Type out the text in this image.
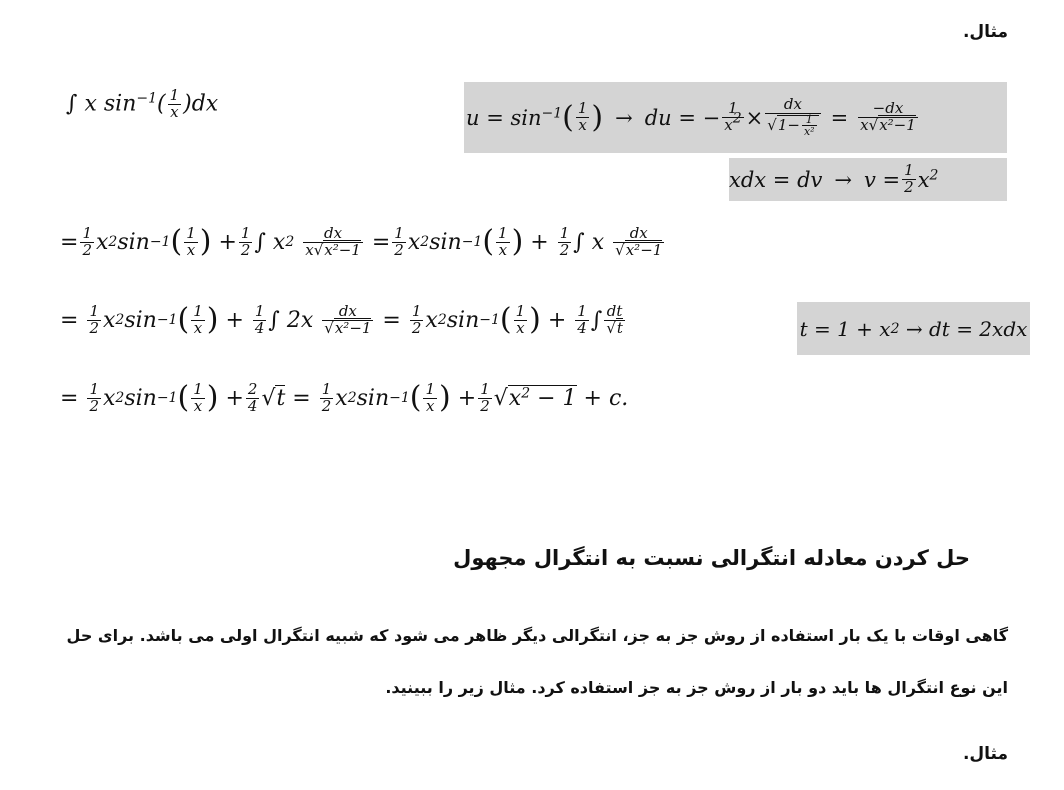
مثال.
∫ x $\sin^{-1}( \frac{1}{x} )dx$
$u = \sin^{-1}$ ( $\frac{1}{x}$ ) → du = − $\frac{1}{x^2} \times \frac{dx}{√1- \frac{1}{\text{x²}}} = \frac{-dx}{\text{x√x²−1}}$
xdx = dv → $v = \frac{1}{2} x^2$
= $\frac{1}{2}$ x 2 sin −1 ( $\frac{1}{x}$ ) + $\frac{1}{2}$ ∫ x 2
$\frac{dx}{\text{x√x²−1}} = \frac{1}{2}$ x 2 sin −1 ( $\frac{1}{x}$ ) + $\frac{1}{2}$ ∫ x $\frac{dx}{\text{√x²−1}}$
= $\frac{1}{2}$ x 2 sin −1 ( $\frac{1}{x}$ ) + $\frac{1}{4}$ ∫ $2x \frac{dx}{\text{√x²−1}} = \frac{1}{2}$ x 2 sin −1 ( $\frac{1}{x}$ ) + $\frac{1}{4}$ ∫ $\frac{dt}{√t}$	t = 1 + x 2
→ dt = 2xdx
= $\frac{1}{2}$ x 2 sin −1 ( $\frac{1}{x}$ ) + $\frac{2}{4}$ √ $t = \frac{1}{2}$ x 2 sin −1 ( $\frac{1}{x}$ ) + $\frac{1}{2}$ √ $x^2 - 1 + c$.
حل کردن معادله انتگرالی نسبت به انتگرال مجهول
گاهی اوقات با یک بار استفاده از روش جز به جز، انتگرالی دیگر ظاهر می شود که شبیه انتگرال اولی می باشد. برای حل
این نوع انتگرال ها باید دو بار از روش جز به جز استفاده کرد. مثال زیر را ببینید.
مثال.
